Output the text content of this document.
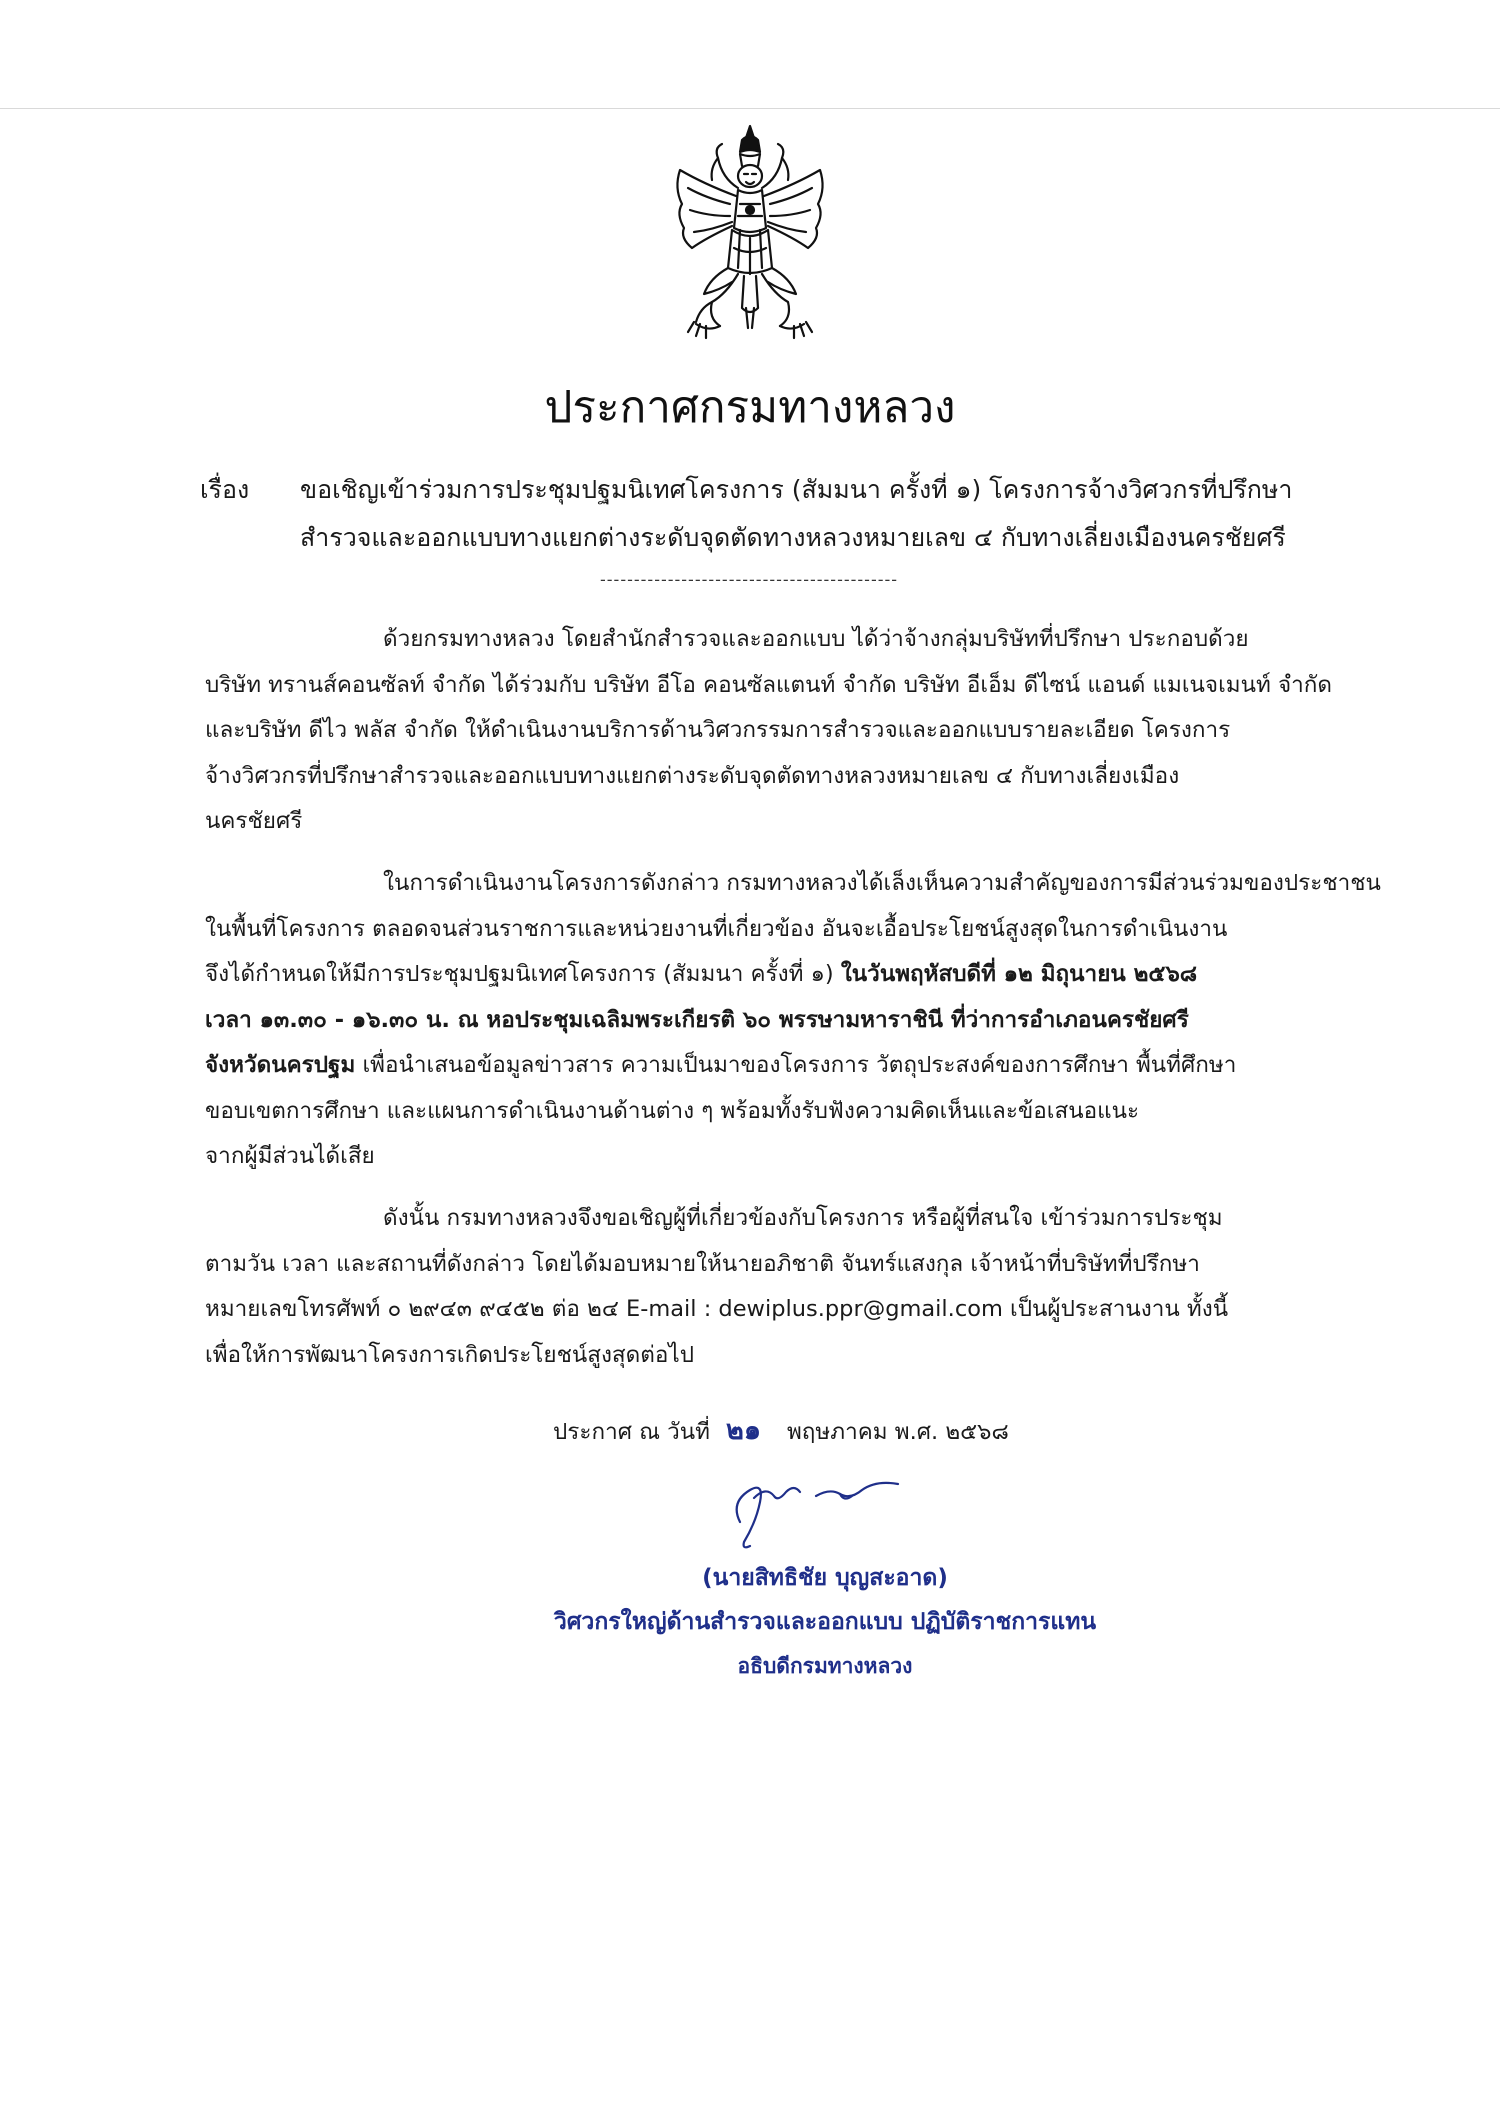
ประกาศกรมทางหลวง
เรื่อง ขอเชิญเข้าร่วมการประชุมปฐมนิเทศโครงการ (สัมมนา ครั้งที่ ๑) โครงการจ้างวิศวกรที่ปรึกษา
สำรวจและออกแบบทางแยกต่างระดับจุดตัดทางหลวงหมายเลข ๔ กับทางเลี่ยงเมืองนครชัยศรี
--------------------------------------------

ด้วยกรมทางหลวง โดยสำนักสำรวจและออกแบบ ได้ว่าจ้างกลุ่มบริษัทที่ปรึกษา ประกอบด้วย
บริษัท ทรานส์คอนซัลท์ จำกัด ได้ร่วมกับ บริษัท อีโอ คอนซัลแตนท์ จำกัด บริษัท อีเอ็ม ดีไซน์ แอนด์ แมเนจเมนท์ จำกัด
และบริษัท ดีไว พลัส จำกัด ให้ดำเนินงานบริการด้านวิศวกรรมการสำรวจและออกแบบรายละเอียด โครงการ
จ้างวิศวกรที่ปรึกษาสำรวจและออกแบบทางแยกต่างระดับจุดตัดทางหลวงหมายเลข ๔ กับทางเลี่ยงเมือง
นครชัยศรี

ในการดำเนินงานโครงการดังกล่าว กรมทางหลวงได้เล็งเห็นความสำคัญของการมีส่วนร่วมของประชาชน
ในพื้นที่โครงการ ตลอดจนส่วนราชการและหน่วยงานที่เกี่ยวข้อง อันจะเอื้อประโยชน์สูงสุดในการดำเนินงาน
จึงได้กำหนดให้มีการประชุมปฐมนิเทศโครงการ (สัมมนา ครั้งที่ ๑) ในวันพฤหัสบดีที่ ๑๒ มิถุนายน ๒๕๖๘
เวลา ๑๓.๓๐ - ๑๖.๓๐ น. ณ หอประชุมเฉลิมพระเกียรติ ๖๐ พรรษามหาราชินี ที่ว่าการอำเภอนครชัยศรี
จังหวัดนครปฐม เพื่อนำเสนอข้อมูลข่าวสาร ความเป็นมาของโครงการ วัตถุประสงค์ของการศึกษา พื้นที่ศึกษา
ขอบเขตการศึกษา และแผนการดำเนินงานด้านต่าง ๆ พร้อมทั้งรับฟังความคิดเห็นและข้อเสนอแนะ
จากผู้มีส่วนได้เสีย

ดังนั้น กรมทางหลวงจึงขอเชิญผู้ที่เกี่ยวข้องกับโครงการ หรือผู้ที่สนใจ เข้าร่วมการประชุม
ตามวัน เวลา และสถานที่ดังกล่าว โดยได้มอบหมายให้นายอภิชาติ จันทร์แสงกุล เจ้าหน้าที่บริษัทที่ปรึกษา
หมายเลขโทรศัพท์ ๐ ๒๙๔๓ ๙๔๕๒ ต่อ ๒๔ E-mail : dewiplus.ppr@gmail.com เป็นผู้ประสานงาน ทั้งนี้
เพื่อให้การพัฒนาโครงการเกิดประโยชน์สูงสุดต่อไป

ประกาศ ณ วันที่ ๒๑ พฤษภาคม พ.ศ. ๒๕๖๘
(นายสิทธิชัย บุญสะอาด)
วิศวกรใหญ่ด้านสำรวจและออกแบบ ปฏิบัติราชการแทน
อธิบดีกรมทางหลวง
